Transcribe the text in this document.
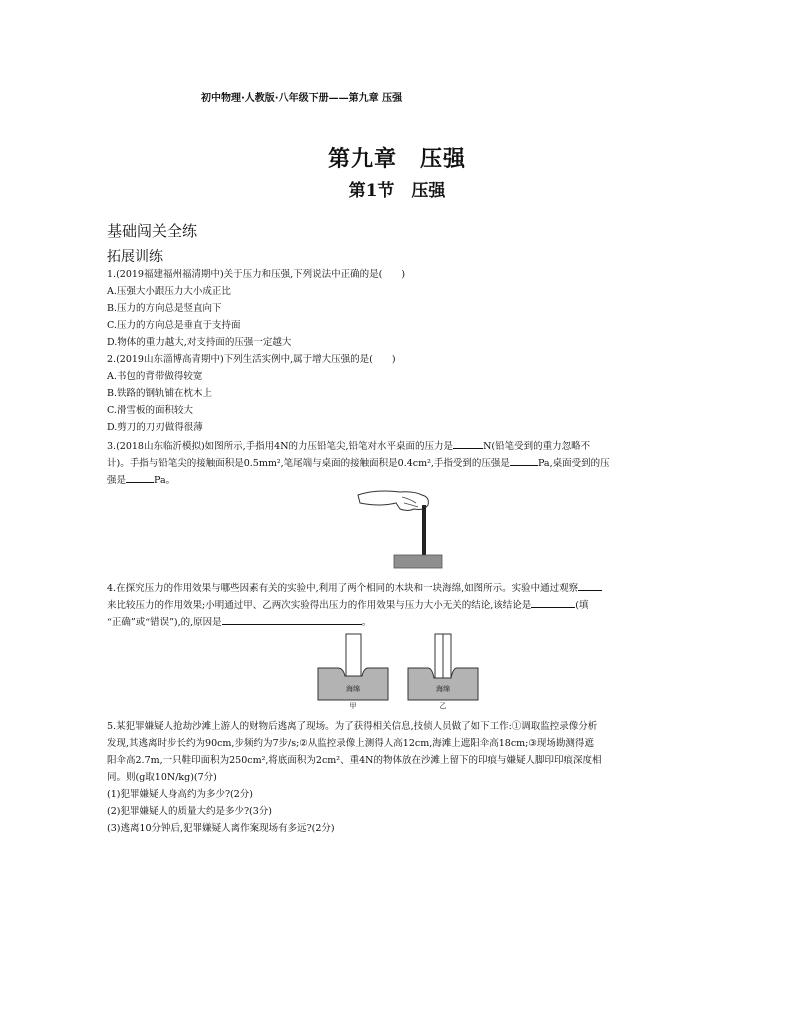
初中物理·人教版·八年级下册——第九章 压强
第九章　压强
第1节　压强
基础闯关全练
拓展训练
1.(2019福建福州福清期中)关于压力和压强,下列说法中正确的是(　　)
A.压强大小跟压力大小成正比
B.压力的方向总是竖直向下
C.压力的方向总是垂直于支持面
D.物体的重力越大,对支持面的压强一定越大
2.(2019山东淄博高青期中)下列生活实例中,属于增大压强的是(　　)
A.书包的背带做得较宽
B.铁路的钢轨铺在枕木上
C.滑雪板的面积较大
D.剪刀的刀刃做得很薄
3.(2018山东临沂模拟)如图所示,手指用4N的力压铅笔尖,铅笔对水平桌面的压力是	N(铅笔受到的重力忽略不
计)。手指与铅笔尖的接触面积是0.5mm²,笔尾端与桌面的接触面积是0.4cm²,手指受到的压强是	Pa,桌面受到的压
强是	Pa。
4.在探究压力的作用效果与哪些因素有关的实验中,利用了两个相同的木块和一块海绵,如图所示。实验中通过观察
来比较压力的作用效果;小明通过甲、乙两次实验得出压力的作用效果与压力大小无关的结论,该结论是	(填
“正确”或“错误”),的,原因是	。
海绵
甲
海绵
乙
5.某犯罪嫌疑人抢劫沙滩上游人的财物后逃离了现场。为了获得相关信息,技侦人员做了如下工作:①调取监控录像分析
发现,其逃离时步长约为90cm,步频约为7步/s;②从监控录像上测得人高12cm,海滩上遮阳伞高18cm;③现场勘测得遮
阳伞高2.7m,一只鞋印面积为250cm²,将底面积为2cm²、重4N的物体放在沙滩上留下的印痕与嫌疑人脚印印痕深度相
同。则(g取10N/kg)(7分)
(1)犯罪嫌疑人身高约为多少?(2分)
(2)犯罪嫌疑人的质量大约是多少?(3分)
(3)逃离10分钟后,犯罪嫌疑人离作案现场有多远?(2分)
